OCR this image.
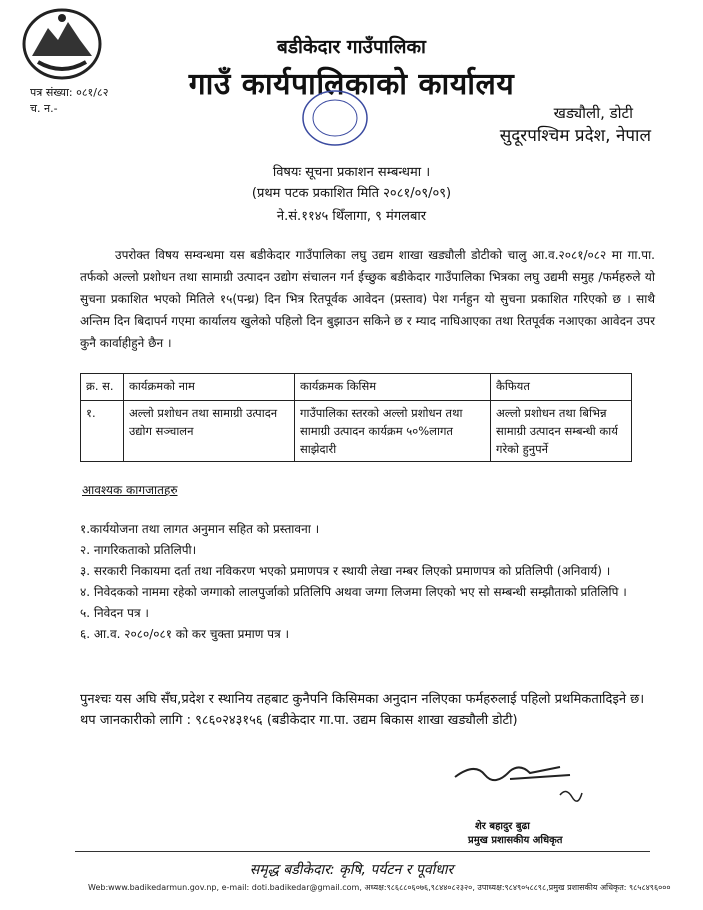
पत्र संख्या: ०८१/८२
च. न.-
बडीकेदार गाउँपालिका
गाउँ कार्यपालिकाको कार्यालय
खड्यौली, डोटी
सुदूरपश्चिम प्रदेश, नेपाल
विषयः सूचना प्रकाशन सम्बन्धमा ।
(प्रथम पटक प्रकाशित मिति २०८१/०९/०९)
ने.सं.११४५ थिँलागा, ९ मंगलबार
उपरोक्त विषय सम्वन्धमा यस बडीकेदार गाउँपालिका लघु उद्यम शाखा खड्यौली डोटीको चालु आ.व.२०८१/०८२ मा गा.पा. तर्फको अल्लो प्रशोधन तथा सामाग्री उत्पादन उद्योग संचालन गर्न ईच्छुक बडीकेदार गाउँपालिका भित्रका लघु उद्यमी समुह /फर्महरुले यो सुचना प्रकाशित भएको मितिले १५(पन्ध्र) दिन भित्र रितपूर्वक आवेदन (प्रस्ताव) पेश गर्नहुन यो सुचना प्रकाशित गरिएको छ । साथै अन्तिम दिन बिदापर्न गएमा कार्यालय खुलेको पहिलो दिन बुझाउन सकिने छ र म्याद नाघिआएका तथा रितपूर्वक नआएका आवेदन उपर कुनै कार्वाहीहुने छैन ।
क्र. स.	कार्यक्रमको नाम	कार्यक्रमक किसिम	कैफियत
१.	अल्लो प्रशोधन तथा सामाग्री उत्पादन उद्योग सञ्चालन	गाउँपालिका स्तरको अल्लो प्रशोधन तथा सामाग्री उत्पादन कार्यक्रम ५०%लागत साझेदारी	अल्लो प्रशोधन तथा बिभिन्न सामाग्री उत्पादन सम्बन्धी कार्य गरेको हुनुपर्ने
आवश्यक कागजातहरु
१.कार्ययोजना तथा लागत अनुमान सहित को प्रस्तावना ।
२. नागरिकताको प्रतिलिपी।
३. सरकारी निकायमा दर्ता तथा नविकरण भएको प्रमाणपत्र र स्थायी लेखा नम्बर लिएको प्रमाणपत्र को प्रतिलिपी (अनिवार्य) ।
४. निवेदकको नाममा रहेको जग्गाको लालपुर्जाको प्रतिलिपि अथवा जग्गा लिजमा लिएको भए सो सम्बन्धी सम्झौताको प्रतिलिपि ।
५. निवेदन पत्र ।
६. आ.व. २०८०/०८१ को कर चुक्ता प्रमाण पत्र ।
पुनश्चः यस अघि सँघ,प्रदेश र स्थानिय तहबाट कुनैपनि किसिमका अनुदान नलिएका फर्महरुलाई पहिलो प्रथमिकतादिइने छ। थप जानकारीको लागि : ९८६०२४३१५६ (बडीकेदार गा.पा. उद्यम बिकास शाखा खड्यौली डोटी)
शेर बहादुर बुढा
प्रमुख प्रशासकीय अधिकृत
समृद्ध बडीकेदार: कृषि, पर्यटन र पूर्वाधार
Web:www.badikedarmun.gov.np, e-mail: doti.badikedar@gmail.com, अध्यक्ष:९८६८८०६०७६,९८४४०८२३२०, उपाध्यक्ष:९८४९०५८८९८,प्रमुख प्रशासकीय अधिकृत: ९८५८४९६०००
